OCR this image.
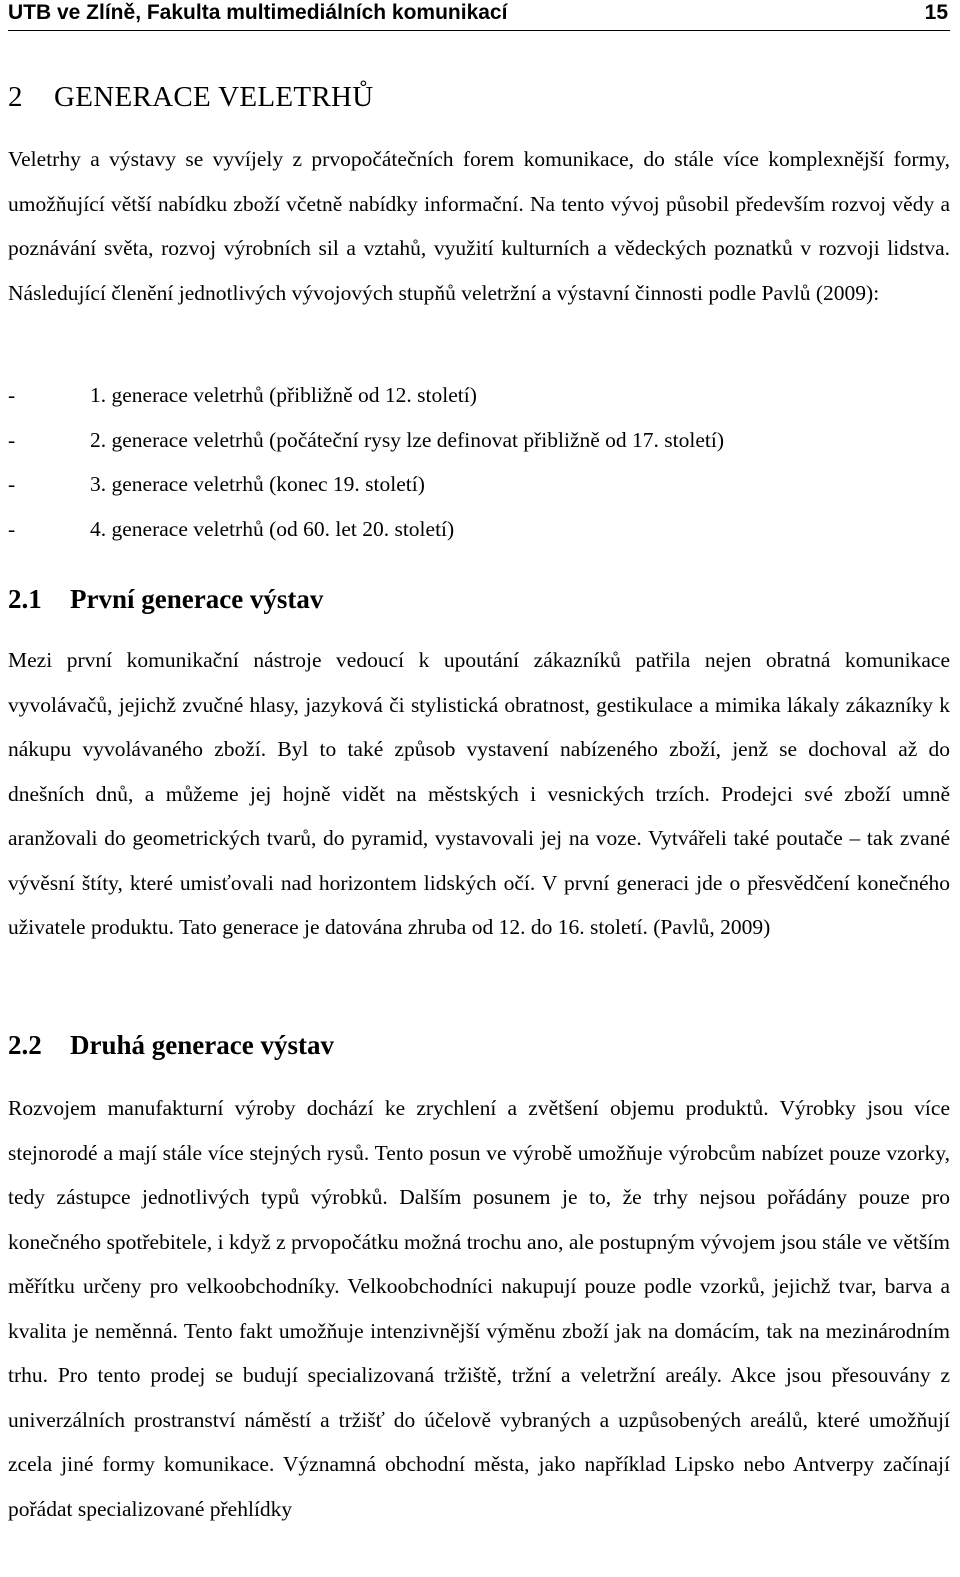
UTB ve Zlíně, Fakulta multimediálních komunikací	15
2 GENERACE VELETRHŮ

Veletrhy a výstavy se vyvíjely z prvopočátečních forem komunikace, do stále více komplexnější formy, umožňující větší nabídku zboží včetně nabídky informační. Na tento vývoj působil především rozvoj vědy a poznávání světa, rozvoj výrobních sil a vztahů, využití kulturních a vědeckých poznatků v rozvoji lidstva. Následující členění jednotlivých vývojových stupňů veletržní a výstavní činnosti podle Pavlů (2009):

-	1. generace veletrhů (přibližně od 12. století)
-	2. generace veletrhů (počáteční rysy lze definovat přibližně od 17. století)
-	3. generace veletrhů (konec 19. století)
-	4. generace veletrhů (od 60. let 20. století)
2.1 První generace výstav

Mezi první komunikační nástroje vedoucí k upoutání zákazníků patřila nejen obratná komunikace vyvolávačů, jejichž zvučné hlasy, jazyková či stylistická obratnost, gestikulace a mimika lákaly zákazníky k nákupu vyvolávaného zboží. Byl to také způsob vystavení nabízeného zboží, jenž se dochoval až do dnešních dnů, a můžeme jej hojně vidět na městských i vesnických trzích. Prodejci své zboží umně aranžovali do geometrických tvarů, do pyramid, vystavovali jej na voze. Vytvářeli také poutače – tak zvané vývěsní štíty, které umisťovali nad horizontem lidských očí. V první generaci jde o přesvědčení konečného uživatele produktu. Tato generace je datována zhruba od 12. do 16. století. (Pavlů, 2009)

2.2 Druhá generace výstav

Rozvojem manufakturní výroby dochází ke zrychlení a zvětšení objemu produktů. Výrobky jsou více stejnorodé a mají stále více stejných rysů. Tento posun ve výrobě umožňuje výrobcům nabízet pouze vzorky, tedy zástupce jednotlivých typů výrobků. Dalším posunem je to, že trhy nejsou pořádány pouze pro konečného spotřebitele, i když z prvopočátku možná trochu ano, ale postupným vývojem jsou stále ve větším měřítku určeny pro velkoobchodníky. Velkoobchodníci nakupují pouze podle vzorků, jejichž tvar, barva a kvalita je neměnná. Tento fakt umožňuje intenzivnější výměnu zboží jak na domácím, tak na mezinárodním trhu. Pro tento prodej se budují specializovaná tržiště, tržní a veletržní areály. Akce jsou přesouvány z univerzálních prostranství náměstí a tržišť do účelově vybraných a uzpůsobených areálů, které umožňují zcela jiné formy komunikace. Významná obchodní města, jako například Lipsko nebo Antverpy začínají pořádat specializované přehlídky
